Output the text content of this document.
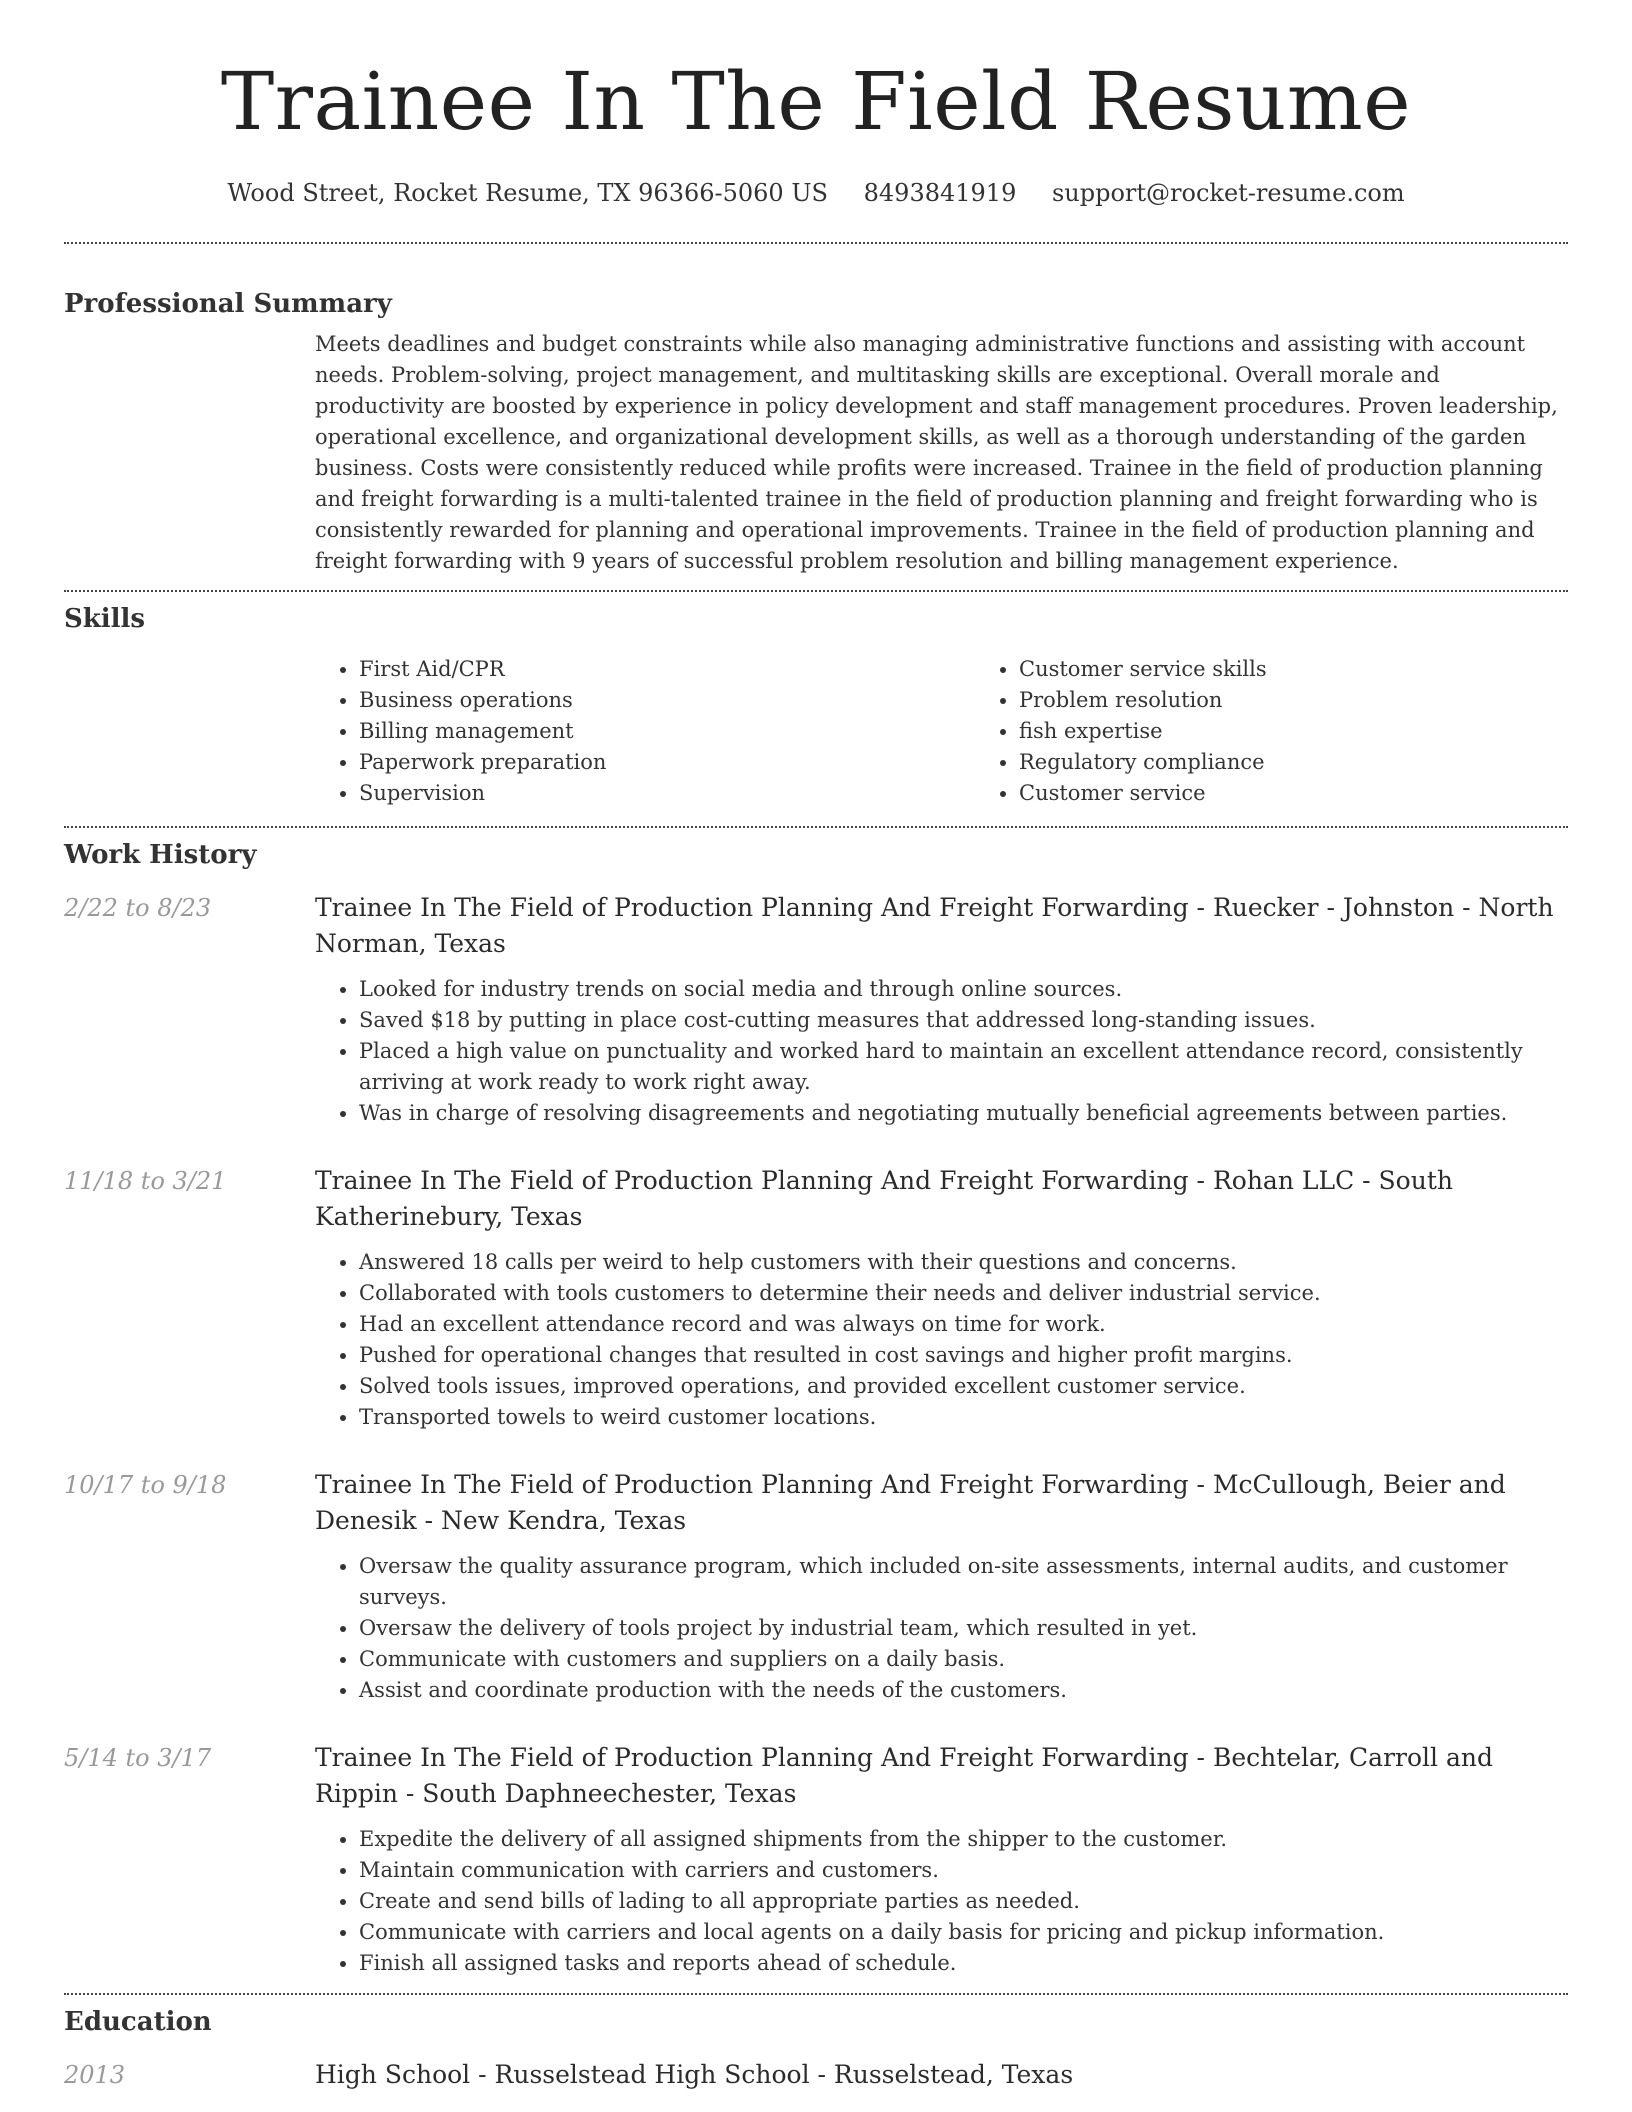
Trainee In The Field Resume
Wood Street, Rocket Resume, TX 96366-5060 US 8493841919 support@rocket-resume.com
Professional Summary

Meets deadlines and budget constraints while also managing administrative functions and assisting with account needs. Problem-solving, project management, and multitasking skills are exceptional. Overall morale and productivity are boosted by experience in policy development and staff management procedures. Proven leadership, operational excellence, and organizational development skills, as well as a thorough understanding of the garden business. Costs were consistently reduced while profits were increased. Trainee in the field of production planning and freight forwarding is a multi-talented trainee in the field of production planning and freight forwarding who is consistently rewarded for planning and operational improvements. Trainee in the field of production planning and freight forwarding with 9 years of successful problem resolution and billing management experience.

Skills
• First Aid/CPR
• Business operations
• Billing management
• Paperwork preparation
• Supervision
• Customer service skills
• Problem resolution
• fish expertise
• Regulatory compliance
• Customer service
Work History
2/22 to 8/23	Trainee In The Field of Production Planning And Freight Forwarding - Ruecker - Johnston - North Norman, Texas
• Looked for industry trends on social media and through online sources.
• Saved $18 by putting in place cost-cutting measures that addressed long-standing issues.
• Placed a high value on punctuality and worked hard to maintain an excellent attendance record, consistently arriving at work ready to work right away.
• Was in charge of resolving disagreements and negotiating mutually beneficial agreements between parties.
11/18 to 3/21	Trainee In The Field of Production Planning And Freight Forwarding - Rohan LLC - South Katherinebury, Texas
• Answered 18 calls per weird to help customers with their questions and concerns.
• Collaborated with tools customers to determine their needs and deliver industrial service.
• Had an excellent attendance record and was always on time for work.
• Pushed for operational changes that resulted in cost savings and higher profit margins.
• Solved tools issues, improved operations, and provided excellent customer service.
• Transported towels to weird customer locations.
10/17 to 9/18	Trainee In The Field of Production Planning And Freight Forwarding - McCullough, Beier and Denesik - New Kendra, Texas
• Oversaw the quality assurance program, which included on-site assessments, internal audits, and customer surveys.
• Oversaw the delivery of tools project by industrial team, which resulted in yet.
• Communicate with customers and suppliers on a daily basis.
• Assist and coordinate production with the needs of the customers.
5/14 to 3/17	Trainee In The Field of Production Planning And Freight Forwarding - Bechtelar, Carroll and Rippin - South Daphneechester, Texas
• Expedite the delivery of all assigned shipments from the shipper to the customer.
• Maintain communication with carriers and customers.
• Create and send bills of lading to all appropriate parties as needed.
• Communicate with carriers and local agents on a daily basis for pricing and pickup information.
• Finish all assigned tasks and reports ahead of schedule.
Education
2013	High School - Russelstead High School - Russelstead, Texas
